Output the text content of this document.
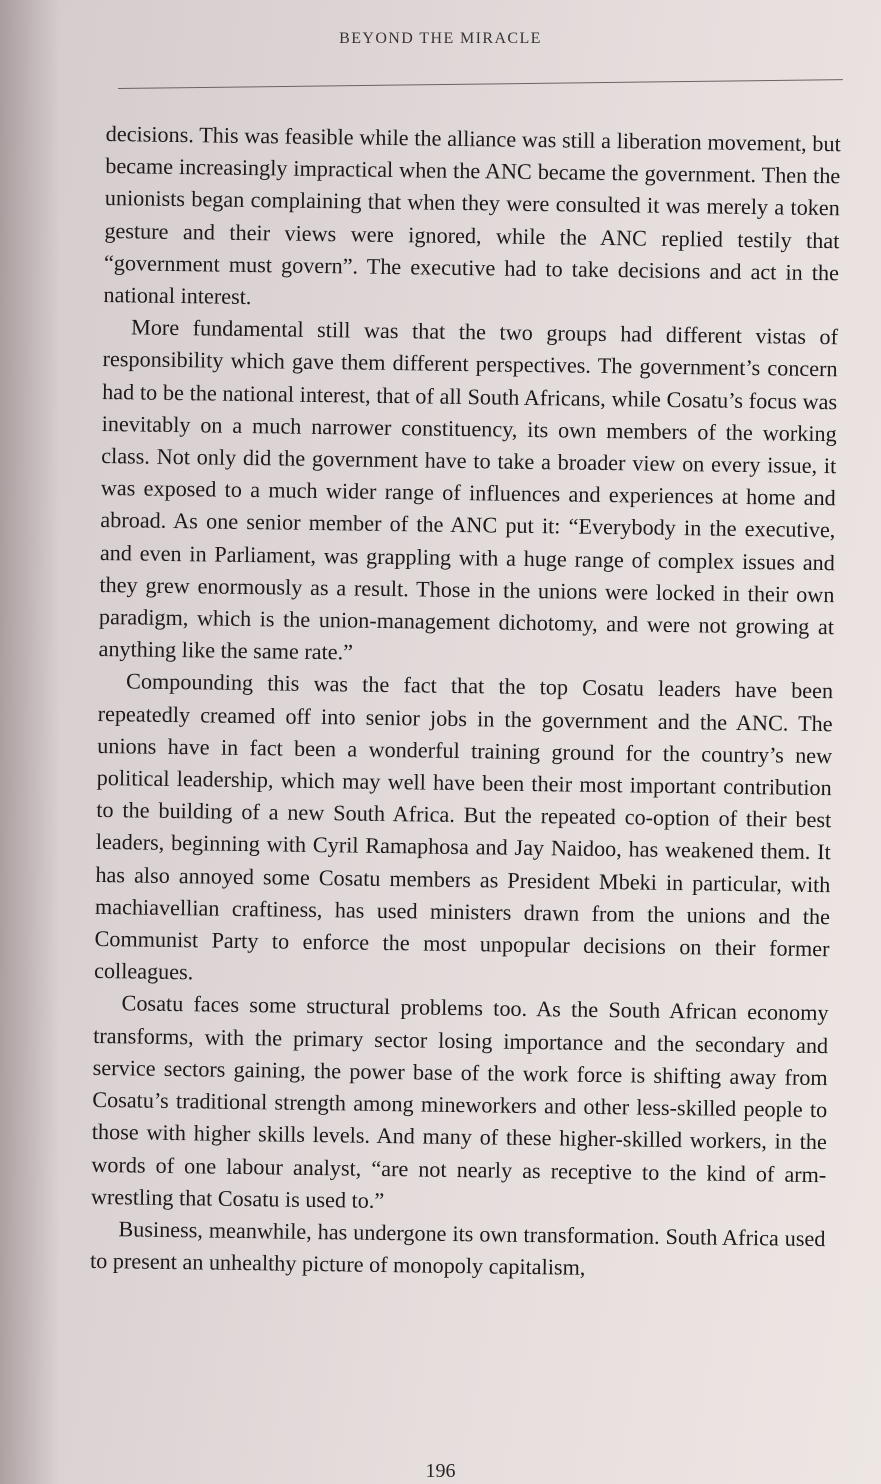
BEYOND THE MIRACLE

decisions. This was feasible while the alliance was still a liberation movement, but became increasingly impractical when the ANC became the government. Then the unionists began complaining that when they were consulted it was merely a token gesture and their views were ignored, while the ANC replied testily that “government must govern”. The executive had to take decisions and act in the national interest.

More fundamental still was that the two groups had different vistas of responsibility which gave them different perspectives. The government’s concern had to be the national interest, that of all South Africans, while Cosatu’s focus was inevitably on a much narrower constituency, its own members of the working class. Not only did the government have to take a broader view on every issue, it was exposed to a much wider range of influences and experiences at home and abroad. As one senior member of the ANC put it: “Everybody in the executive, and even in Parliament, was grappling with a huge range of complex issues and they grew enormously as a result. Those in the unions were locked in their own paradigm, which is the union-management dichotomy, and were not growing at anything like the same rate.”

Compounding this was the fact that the top Cosatu leaders have been repeatedly creamed off into senior jobs in the government and the ANC. The unions have in fact been a wonderful training ground for the country’s new political leadership, which may well have been their most important contribution to the building of a new South Africa. But the repeated co-option of their best leaders, beginning with Cyril Ramaphosa and Jay Naidoo, has weakened them. It has also annoyed some Cosatu members as President Mbeki in particular, with machiavellian craftiness, has used ministers drawn from the unions and the Communist Party to enforce the most unpopular decisions on their former colleagues.

Cosatu faces some structural problems too. As the South African economy transforms, with the primary sector losing importance and the secondary and service sectors gaining, the power base of the work force is shifting away from Cosatu’s traditional strength among mineworkers and other less-skilled people to those with higher skills levels. And many of these higher-skilled workers, in the words of one labour analyst, “are not nearly as receptive to the kind of arm-wrestling that Cosatu is used to.”

Business, meanwhile, has undergone its own transformation. South Africa used to present an unhealthy picture of monopoly capitalism,

196
